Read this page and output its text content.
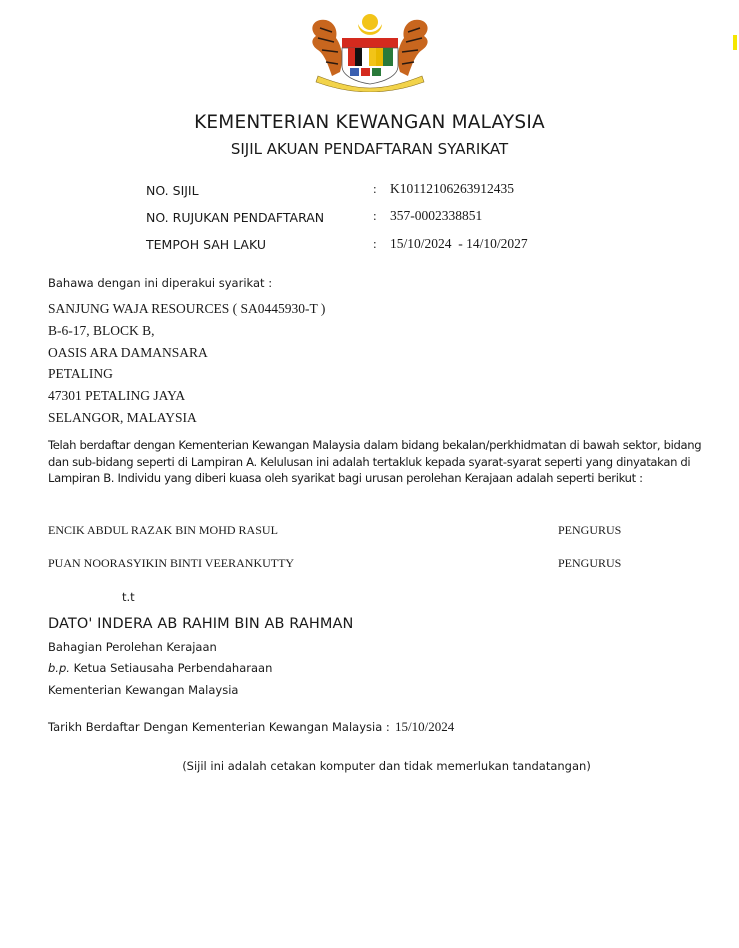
KEMENTERIAN KEWANGAN MALAYSIA
SIJIL AKUAN PENDAFTARAN SYARIKAT
NO. SIJIL	: K10112106263912435
NO. RUJUKAN PENDAFTARAN	: 357-0002338851
TEMPOH SAH LAKU	: 15/10/2024  - 14/10/2027
Bahawa dengan ini diperakui syarikat :
SANJUNG WAJA RESOURCES ( SA0445930-T )
B-6-17, BLOCK B,
OASIS ARA DAMANSARA
PETALING
47301 PETALING JAYA
SELANGOR, MALAYSIA
Telah berdaftar dengan Kementerian Kewangan Malaysia dalam bidang bekalan/perkhidmatan di bawah sektor, bidang
dan sub-bidang seperti di Lampiran A. Kelulusan ini adalah tertakluk kepada syarat-syarat seperti yang dinyatakan di
Lampiran B. Individu yang diberi kuasa oleh syarikat bagi urusan perolehan Kerajaan adalah seperti berikut :
ENCIK ABDUL RAZAK BIN MOHD RASUL	PENGURUS
PUAN NOORASYIKIN BINTI VEERANKUTTY	PENGURUS
t.t
DATO' INDERA AB RAHIM BIN AB RAHMAN
Bahagian Perolehan Kerajaan
b.p. Ketua Setiausaha Perbendaharaan
Kementerian Kewangan Malaysia
Tarikh Berdaftar Dengan Kementerian Kewangan Malaysia : 15/10/2024
(Sijil ini adalah cetakan komputer dan tidak memerlukan tandatangan)
